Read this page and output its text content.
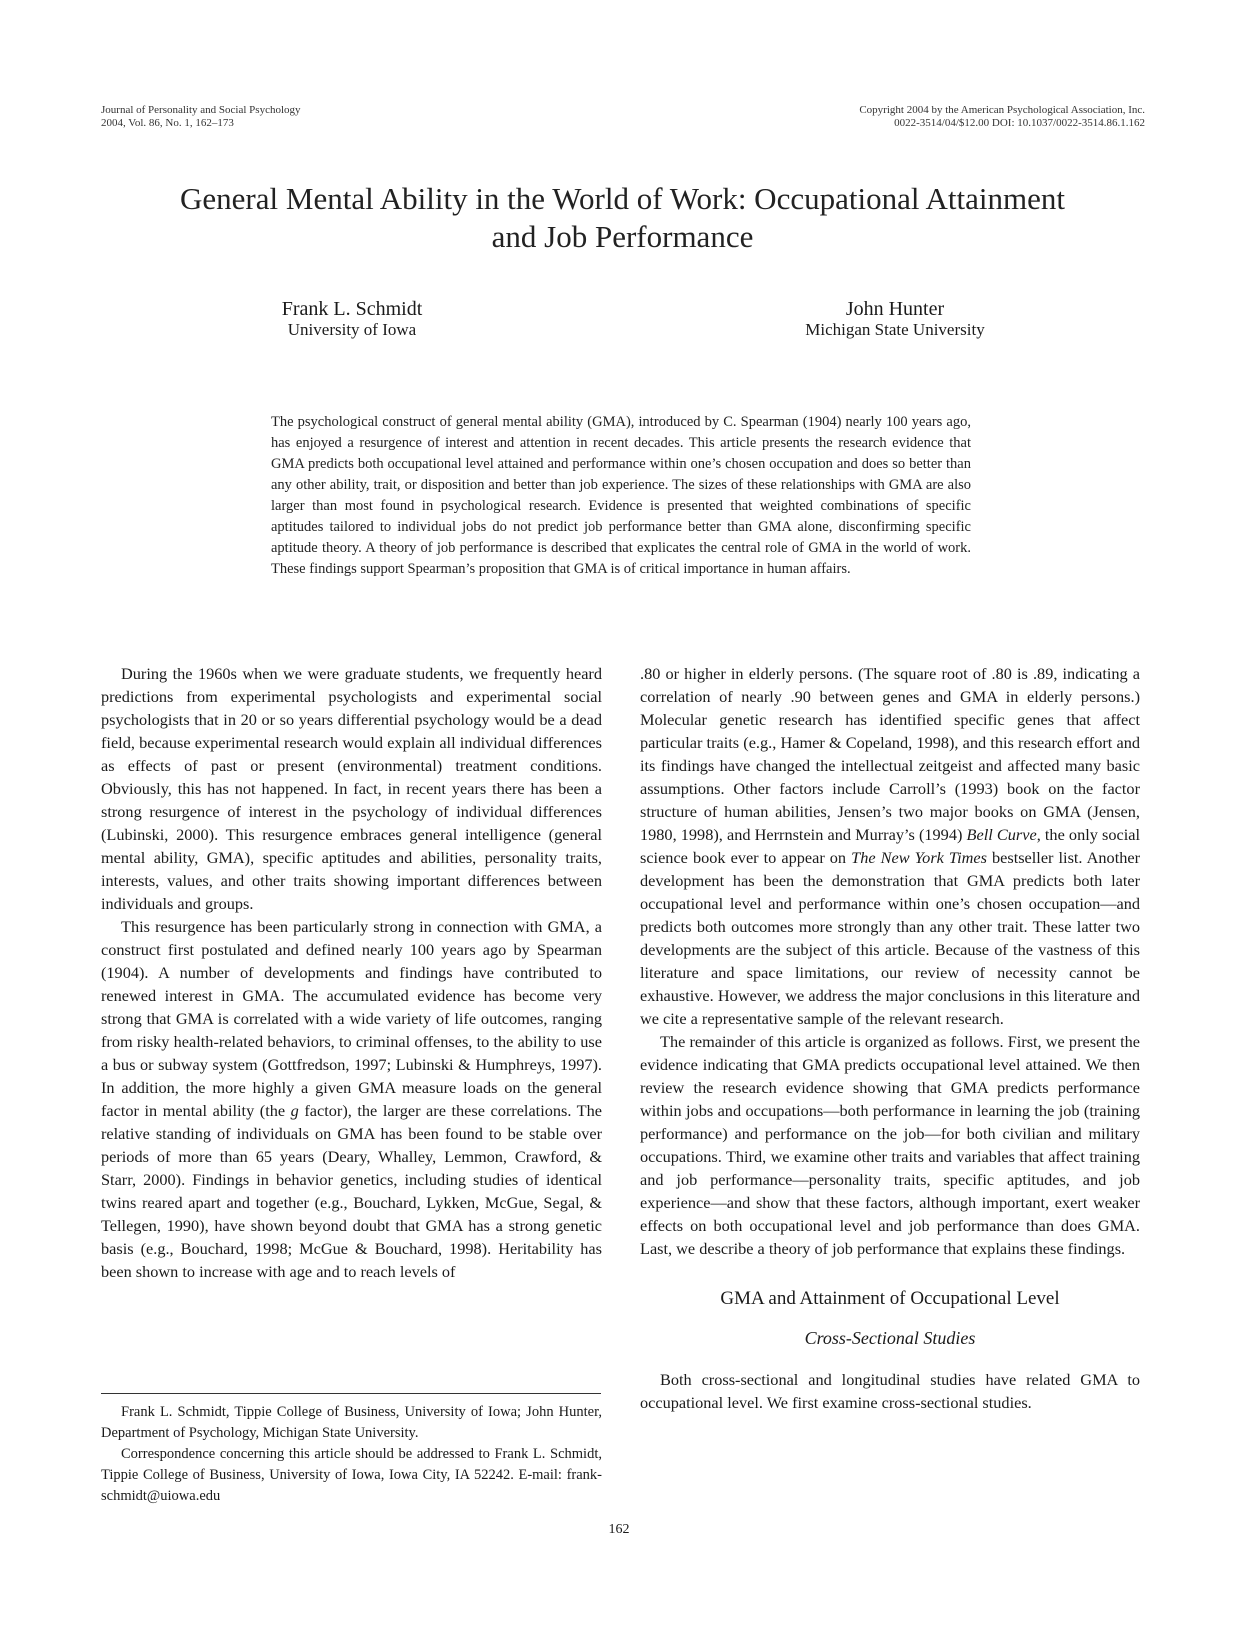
Journal of Personality and Social Psychology
2004, Vol. 86, No. 1, 162–173
Copyright 2004 by the American Psychological Association, Inc.
0022-3514/04/$12.00 DOI: 10.1037/0022-3514.86.1.162
General Mental Ability in the World of Work: Occupational Attainment
and Job Performance
Frank L. Schmidt
University of Iowa
John Hunter
Michigan State University
The psychological construct of general mental ability (GMA), introduced by C. Spearman (1904) nearly 100 years ago, has enjoyed a resurgence of interest and attention in recent decades. This article presents the research evidence that GMA predicts both occupational level attained and performance within one’s chosen occupation and does so better than any other ability, trait, or disposition and better than job experience. The sizes of these relationships with GMA are also larger than most found in psychological research. Evidence is presented that weighted combinations of specific aptitudes tailored to individual jobs do not predict job performance better than GMA alone, disconfirming specific aptitude theory. A theory of job performance is described that explicates the central role of GMA in the world of work. These findings support Spearman’s proposition that GMA is of critical importance in human affairs.

During the 1960s when we were graduate students, we frequently heard predictions from experimental psychologists and experimental social psychologists that in 20 or so years differential psychology would be a dead field, because experimental research would explain all individual differences as effects of past or present (environmental) treatment conditions. Obviously, this has not happened. In fact, in recent years there has been a strong resurgence of interest in the psychology of individual differences (Lubinski, 2000). This resurgence embraces general intelligence (general mental ability, GMA), specific aptitudes and abilities, personality traits, interests, values, and other traits showing important differences between individuals and groups.

This resurgence has been particularly strong in connection with GMA, a construct first postulated and defined nearly 100 years ago by Spearman (1904). A number of developments and findings have contributed to renewed interest in GMA. The accumulated evidence has become very strong that GMA is correlated with a wide variety of life outcomes, ranging from risky health-related behaviors, to criminal offenses, to the ability to use a bus or subway system (Gottfredson, 1997; Lubinski & Humphreys, 1997). In addition, the more highly a given GMA measure loads on the general factor in mental ability (the g factor), the larger are these correlations. The relative standing of individuals on GMA has been found to be stable over periods of more than 65 years (Deary, Whalley, Lemmon, Crawford, & Starr, 2000). Findings in behavior genetics, including studies of identical twins reared apart and together (e.g., Bouchard, Lykken, McGue, Segal, & Tellegen, 1990), have shown beyond doubt that GMA has a strong genetic basis (e.g., Bouchard, 1998; McGue & Bouchard, 1998). Heritability has been shown to increase with age and to reach levels of

.80 or higher in elderly persons. (The square root of .80 is .89, indicating a correlation of nearly .90 between genes and GMA in elderly persons.) Molecular genetic research has identified specific genes that affect particular traits (e.g., Hamer & Copeland, 1998), and this research effort and its findings have changed the intellectual zeitgeist and affected many basic assumptions. Other factors include Carroll’s (1993) book on the factor structure of human abilities, Jensen’s two major books on GMA (Jensen, 1980, 1998), and Herrnstein and Murray’s (1994) Bell Curve, the only social science book ever to appear on The New York Times bestseller list. Another development has been the demonstration that GMA predicts both later occupational level and performance within one’s chosen occupation—and predicts both outcomes more strongly than any other trait. These latter two developments are the subject of this article. Because of the vastness of this literature and space limitations, our review of necessity cannot be exhaustive. However, we address the major conclusions in this literature and we cite a representative sample of the relevant research.

The remainder of this article is organized as follows. First, we present the evidence indicating that GMA predicts occupational level attained. We then review the research evidence showing that GMA predicts performance within jobs and occupations—both performance in learning the job (training performance) and performance on the job—for both civilian and military occupations. Third, we examine other traits and variables that affect training and job performance—personality traits, specific aptitudes, and job experience—and show that these factors, although important, exert weaker effects on both occupational level and job performance than does GMA. Last, we describe a theory of job performance that explains these findings.

GMA and Attainment of Occupational Level
Cross-Sectional Studies

Both cross-sectional and longitudinal studies have related GMA to occupational level. We first examine cross-sectional studies.

Frank L. Schmidt, Tippie College of Business, University of Iowa; John Hunter, Department of Psychology, Michigan State University.

Correspondence concerning this article should be addressed to Frank L. Schmidt, Tippie College of Business, University of Iowa, Iowa City, IA 52242. E-mail: frank-schmidt@uiowa.edu

162
